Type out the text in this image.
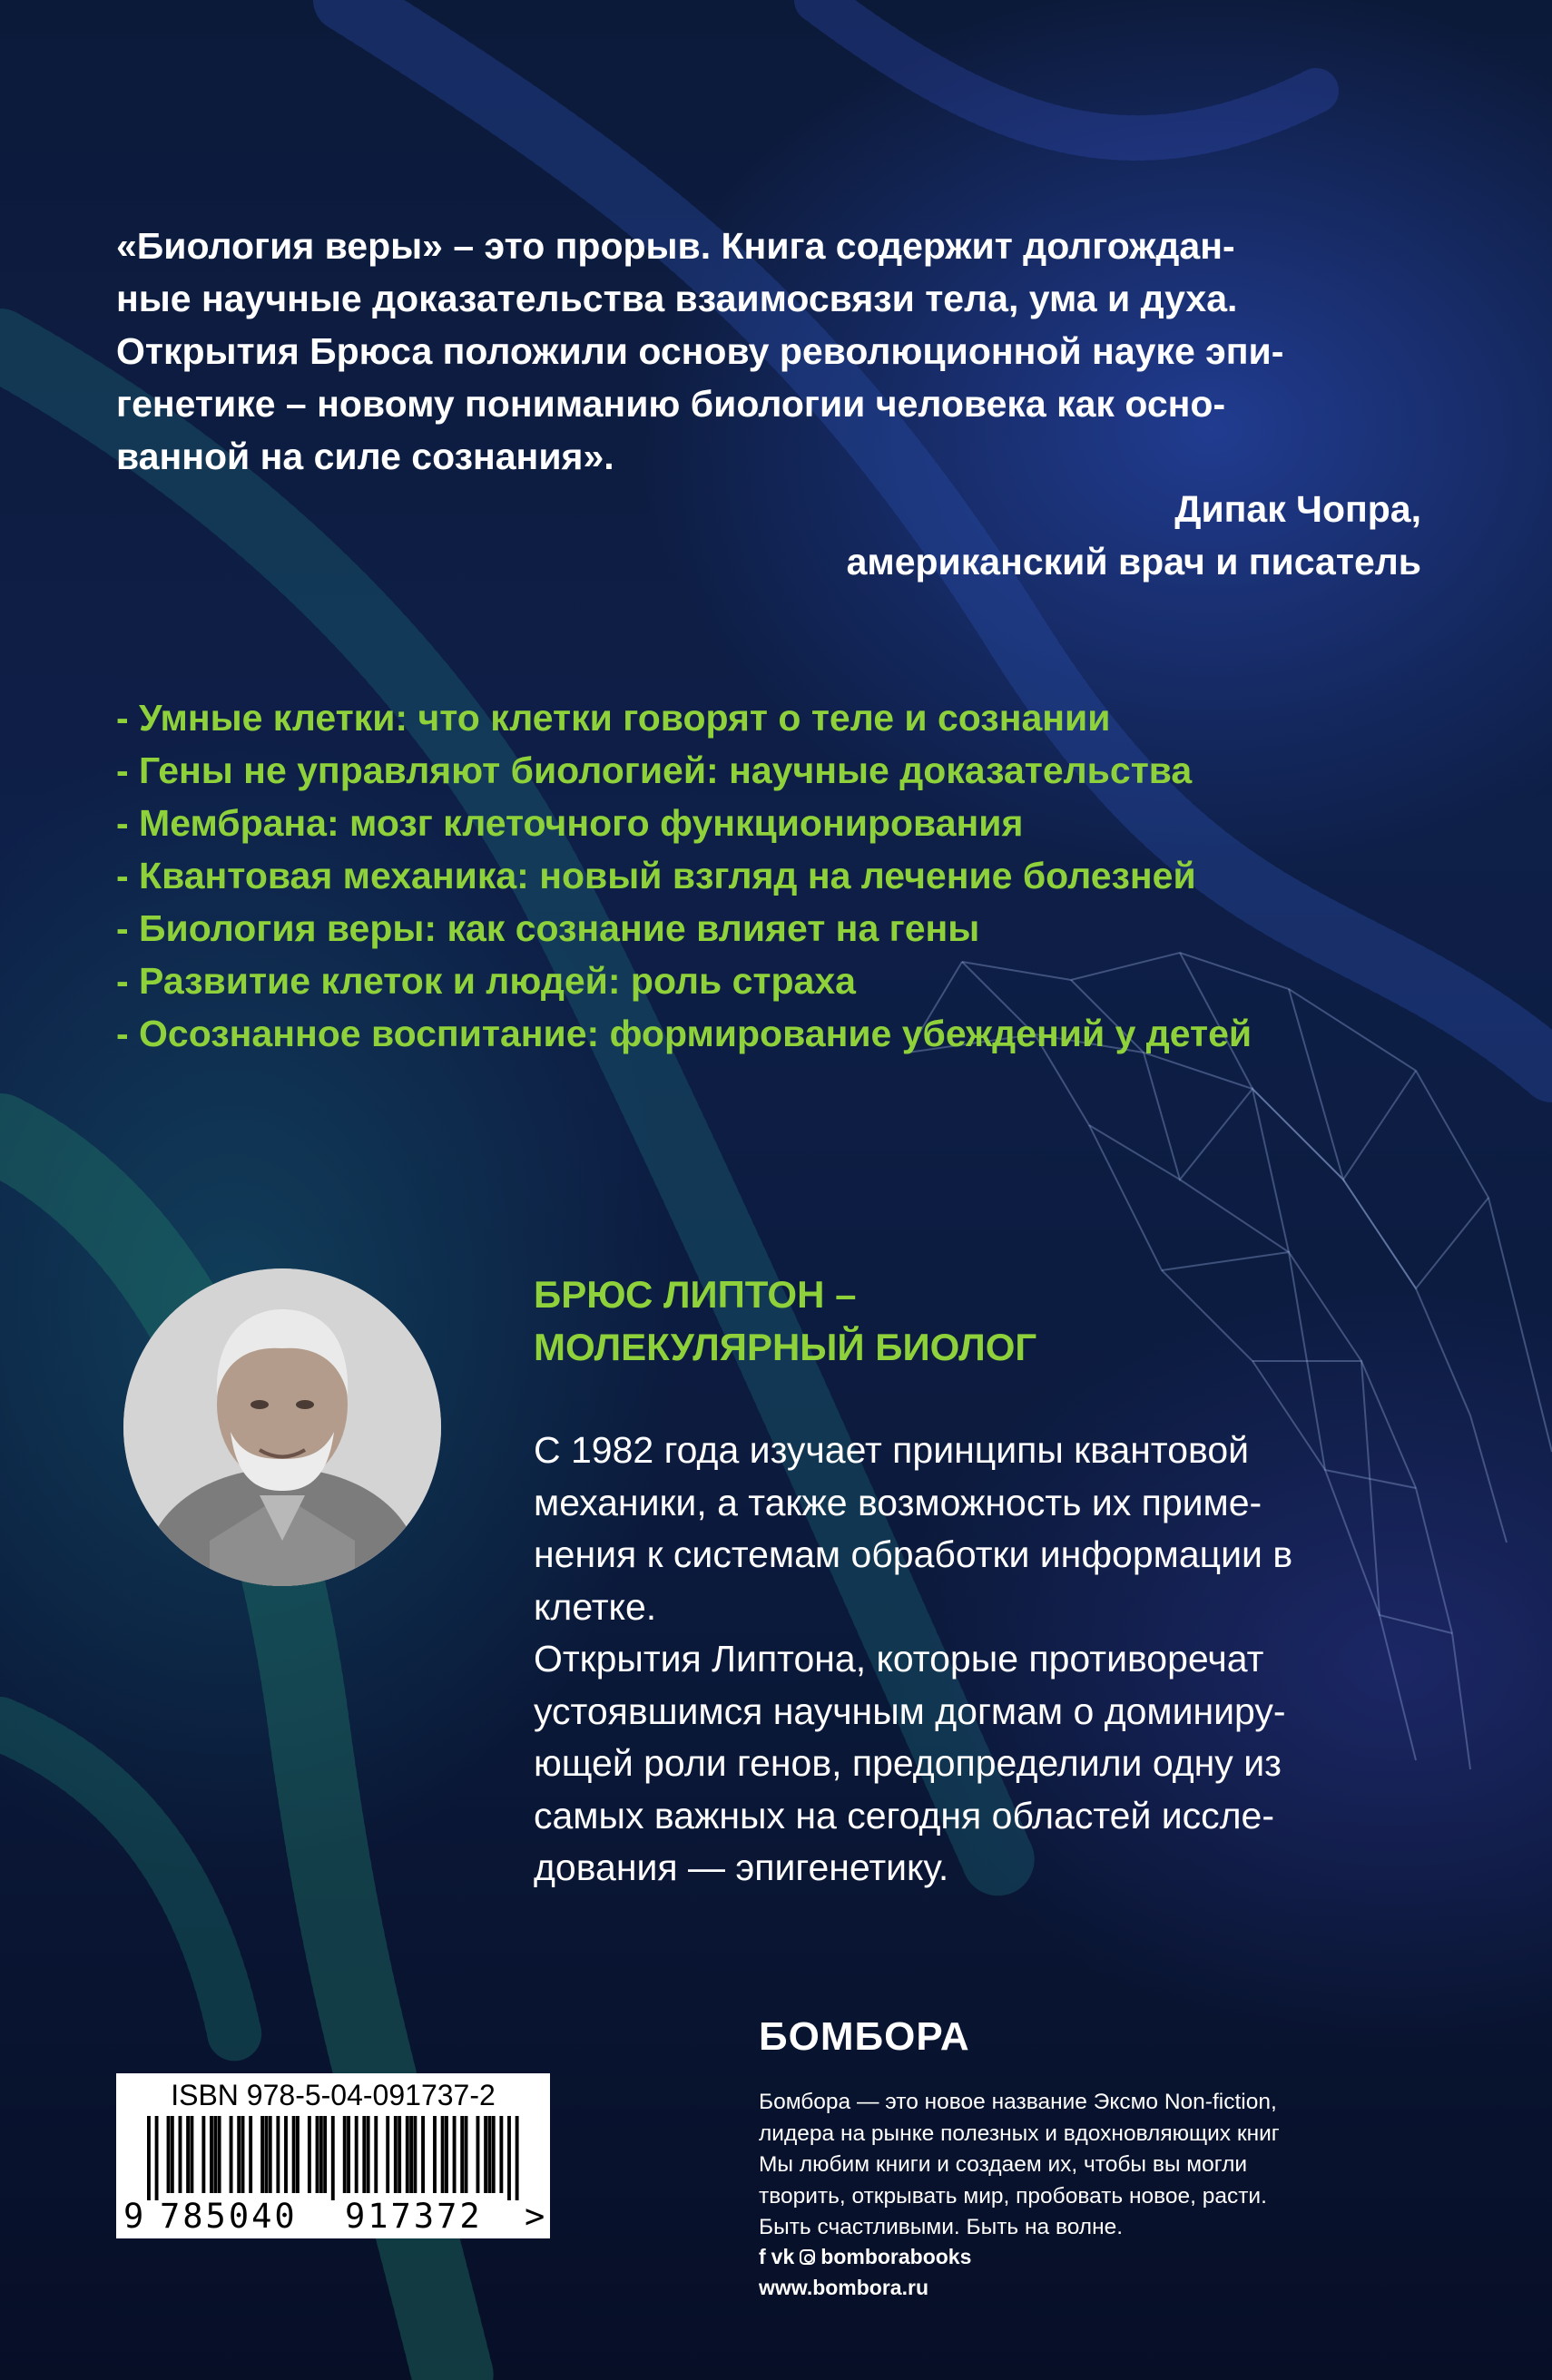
«Биология веры» – это прорыв. Книга содержит долгождан-

ные научные доказательства взаимосвязи тела, ума и духа.

Открытия Брюса положили основу революционной науке эпи-

генетике – новому пониманию биологии человека как осно-

ванной на силе сознания».

Дипак Чопра,
американский врач и писатель
- Умные клетки: что клетки говорят о теле и сознании
- Гены не управляют биологией: научные доказательства
- Мембрана: мозг клеточного функционирования
- Квантовая механика: новый взгляд на лечение болезней
- Биология веры: как сознание влияет на гены
- Развитие клеток и людей: роль страха
- Осознанное воспитание: формирование убеждений у детей
БРЮС ЛИПТОН –
МОЛЕКУЛЯРНЫЙ БИОЛОГ
С 1982 года изучает принципы квантовой
механики, а также возможность их приме-
нения к системам обработки информации в
клетке.
Открытия Липтона, которые противоречат
устоявшимся научным догмам о доминиру-
ющей роли генов, предопределили одну из
самых важных на сегодня областей иссле-
дования — эпигенетику.
ISBN 978-5-04-091737-2
9 785040 917372 >
БОМБОРА
Бомбора — это новое название Эксмо Non-fiction,
лидера на рынке полезных и вдохновляющих книг
Мы любим книги и создаем их, чтобы вы могли
творить, открывать мир, пробовать новое, расти.
Быть счастливыми. Быть на волне.
f vk bomborabooks
www.bombora.ru
